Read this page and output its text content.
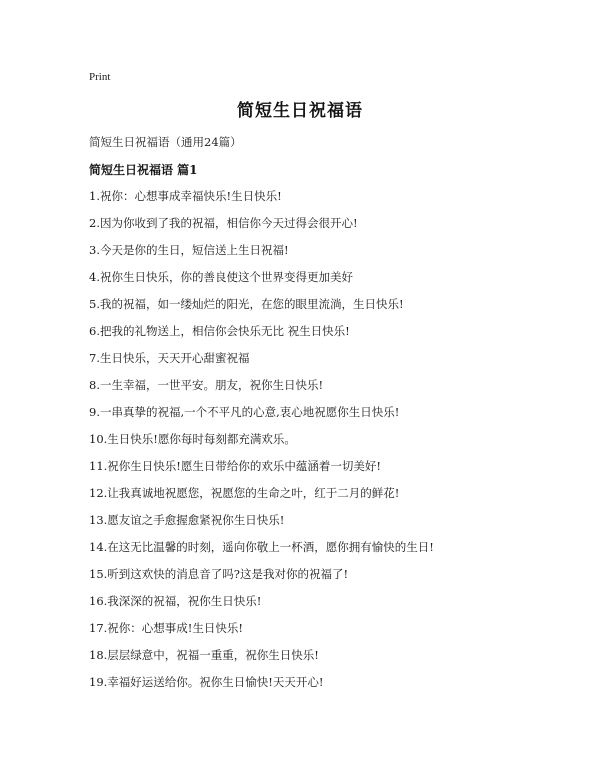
Print
简短生日祝福语
简短生日祝福语（通用24篇）
简短生日祝福语 篇1
1.祝你：心想事成幸福快乐!生日快乐!
2.因为你收到了我的祝福，相信你今天过得会很开心!
3.今天是你的生日，短信送上生日祝福!
4.祝你生日快乐，你的善良使这个世界变得更加美好
5.我的祝福，如一缕灿烂的阳光，在您的眼里流淌，生日快乐!
6.把我的礼物送上，相信你会快乐无比 祝生日快乐!
7.生日快乐，天天开心甜蜜祝福
8.一生幸福，一世平安。朋友，祝你生日快乐!
9.一串真挚的祝福,一个不平凡的心意,衷心地祝愿你生日快乐!
10.生日快乐!愿你每时每刻都充满欢乐。
11.祝你生日快乐!愿生日带给你的欢乐中蕴涵着一切美好!
12.让我真诚地祝愿您，祝愿您的生命之叶，红于二月的鲜花!
13.愿友谊之手愈握愈紧祝你生日快乐!
14.在这无比温馨的时刻，遥向你敬上一杯酒，愿你拥有愉快的生日!
15.听到这欢快的消息音了吗?这是我对你的祝福了!
16.我深深的祝福，祝你生日快乐!
17.祝你：心想事成!生日快乐!
18.层层绿意中，祝福一重重，祝你生日快乐!
19.幸福好运送给你。祝你生日愉快!天天开心!
